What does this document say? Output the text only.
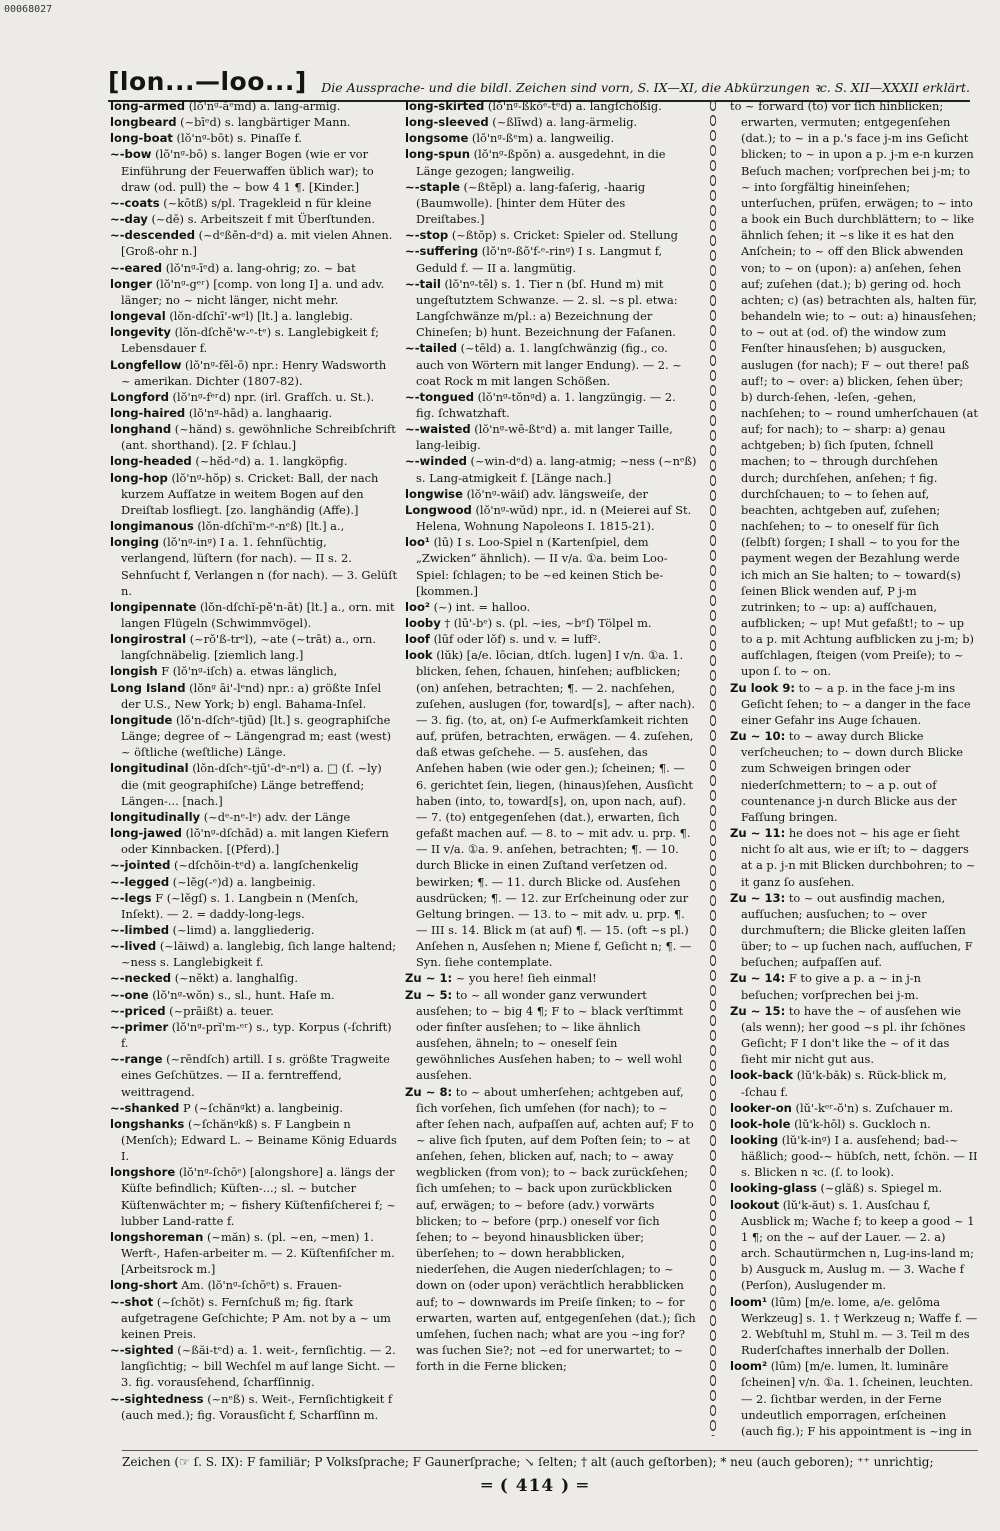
00068027
[lon...—loo...] Die Aussprache- und die bildl. Zeichen sind vorn, S. IX—XI, die Abkürzungen ꝛc. S. XII—XXXII erklärt.

long-armed (lŏ'nᵍ-āᵉmd) a. lang-armig.

longbeard (~bīᵉd) s. langbärtiger Mann.

long-boat (lŏ'nᵍ-bōt) s. Pinaſſe f.

~-bow (lŏ'nᵍ-bō) s. langer Bogen (wie er vor Einführung der Feuerwaffen üblich war); to draw (od. pull) the ~ bow 4 1 ¶. [Kinder.]

~-coats (~kōtß) s/pl. Tragekleid n für kleine

~-day (~dē) s. Arbeitszeit f mit Überſtunden.

~-descended (~dᵉßĕn-dᵉd) a. mit vielen Ahnen. [Groß-ohr n.]

~-eared (lŏ'nᵍ-īᵉd) a. lang-ohrig; zo. ~ bat

longer (lŏ'nᵍ-gᵉʳ) [comp. von long I] a. und adv. länger; no ~ nicht länger, nicht mehr.

longeval (lŏn-dſchī'-wᵉl) [lt.] a. langlebig.

longevity (lŏn-dſchĕ'w-ᵉ-tᵉ) s. Langlebigkeit f; Lebensdauer f.

Longfellow (lŏ'nᵍ-fĕl-ō) npr.: Henry Wadsworth ~ amerikan. Dichter (1807-82).

Longford (lŏ'nᵍ-fᵉʳd) npr. (irl. Grafſch. u. St.).

long-haired (lŏ'nᵍ-hād) a. langhaarig.

longhand (~hănd) s. gewöhnliche Schreibſchrift (ant. shorthand). [2. F ſchlau.]

long-headed (~hĕd-ᵉd) a. 1. langköpfig.

long-hop (lŏ'nᵍ-hŏp) s. Cricket: Ball, der nach kurzem Aufſatze in weitem Bogen auf den Dreiſtab losfliegt. [zo. langhändig (Affe).]

longimanous (lŏn-dſchĭ'm-ᵉ-nᵉß) [lt.] a.,

longing (lŏ'nᵍ-inᵍ) I a. 1. ſehnſüchtig, verlangend, lüſtern (for nach). — II s. 2. Sehnſucht f, Verlangen n (for nach). — 3. Gelüſt n.

longipennate (lŏn-dſchĭ-pĕ'n-āt) [lt.] a., orn. mit langen Flügeln (Schwimmvögel).

longirostral (~rŏ'ß-trᵉl), ~ate (~trāt) a., orn. langſchnäbelig. [ziemlich lang.]

longish F (lŏ'nᵍ-iſch) a. etwas länglich,

Long Island (lŏnᵍ āi'-lᵉnd) npr.: a) größte Inſel der U.S., New York; b) engl. Bahama-Inſel.

longitude (lŏ'n-dſchᵉ-tjūd) [lt.] s. geographiſche Länge; degree of ~ Längengrad m; east (west) ~ öſtliche (weſtliche) Länge.

longitudinal (lŏn-dſchᵉ-tjū'-dᵉ-nᵉl) a. □ (ſ. ~ly) die (mit geographiſche) Länge betreffend; Längen-... [nach.]

longitudinally (~dᵉ-nᵉ-lᵉ) adv. der Länge

long-jawed (lŏ'nᵍ-dſchād) a. mit langen Kiefern oder Kinnbacken. [(Pferd).]

~-jointed (~dſchŏin-tᵉd) a. langſchenkelig

~-legged (~lĕg(-ᵉ)d) a. langbeinig.

~-legs F (~lĕgſ) s. 1. Langbein n (Menſch, Inſekt). — 2. = daddy-long-legs.

~-limbed (~limd) a. langgliederig.

~-lived (~lăiwd) a. langlebig, ſich lange haltend; ~ness s. Langlebigkeit f.

~-necked (~nĕkt) a. langhalſig.

~-one (lŏ'nᵍ-wŏn) s., sl., hunt. Haſe m.

~-priced (~prāißt) a. teuer.

~-primer (lŏ'nᵍ-prĭ'm-ᵉʳ) s., typ. Korpus (-ſchrift) f.

~-range (~rēndſch) artill. I s. größte Tragweite eines Geſchützes. — II a. ferntreffend, weittragend.

~-shanked P (~ſchănᵍkt) a. langbeinig.

longshanks (~ſchănᵍkß) s. F Langbein n (Menſch); Edward L. ~ Beiname König Eduards I.

longshore (lŏ'nᵍ-ſchōᵉ) [alongshore] a. längs der Küſte befindlich; Küſten-...; sl. ~ butcher Küſtenwächter m; ~ fishery Küſtenfiſcherei f; ~ lubber Land-ratte f.

longshoreman (~măn) s. (pl. ~en, ~men) 1. Werft-, Hafen-arbeiter m. — 2. Küſtenfiſcher m. [Arbeitsrock m.]

long-short Am. (lŏ'nᵍ-ſchōᵉt) s. Frauen-

~-shot (~ſchŏt) s. Fernſchuß m; fig. ſtark aufgetragene Geſchichte; P Am. not by a ~ um keinen Preis.

~-sighted (~ßăi-tᵉd) a. 1. weit-, fernſichtig. — 2. langſichtig; ~ bill Wechſel m auf lange Sicht. — 3. fig. vorausſehend, ſcharfſinnig.

~-sightedness (~nᵉß) s. Weit-, Fernſichtigkeit f (auch med.); fig. Vorausſicht f, Scharfſinn m.

long-skirted (lŏ'nᵍ-ßkōᵉ-tᵉd) a. langſchößig.

long-sleeved (~ßlīwd) a. lang-ärmelig.

longsome (lŏ'nᵍ-ßᵉm) a. langweilig.

long-spun (lŏ'nᵍ-ßpŏn) a. ausgedehnt, in die Länge gezogen; langweilig.

~-staple (~ßtēpl) a. lang-faſerig, -haarig (Baumwolle). [hinter dem Hüter des Dreiſtabes.]

~-stop (~ßtŏp) s. Cricket: Spieler od. Stellung

~-suffering (lŏ'nᵍ-ßŏ'f-ᵉ-rinᵍ) I s. Langmut f, Geduld f. — II a. langmütig.

~-tail (lŏ'nᵍ-tēl) s. 1. Tier n (bſ. Hund m) mit ungeſtutztem Schwanze. — 2. sl. ~s pl. etwa: Langſchwänze m/pl.: a) Bezeichnung der Chineſen; b) hunt. Bezeichnung der Faſanen.

~-tailed (~tēld) a. 1. langſchwänzig (fig., co. auch von Wörtern mit langer Endung). — 2. ~ coat Rock m mit langen Schößen.

~-tongued (lŏ'nᵍ-tŏnᵍd) a. 1. langzüngig. — 2. fig. ſchwatzhaft.

~-waisted (lŏ'nᵍ-wē-ßtᵉd) a. mit langer Taille, lang-leibig.

~-winded (~win-dᵉd) a. lang-atmig; ~ness (~nᵉß) s. Lang-atmigkeit f. [Länge nach.]

longwise (lŏ'nᵍ-wăiſ) adv. längsweiſe, der

Longwood (lŏ'nᵍ-wŭd) npr., id. n (Meierei auf St. Helena, Wohnung Napoleons I. 1815-21).

loo¹ (lū) I s. Loo-Spiel n (Kartenſpiel, dem „Zwicken“ ähnlich). — II v/a. ①a. beim Loo-Spiel: ſchlagen; to be ~ed keinen Stich be- [kommen.]

loo² (~) int. = halloo.

looby † (lū'-bᵉ) s. (pl. ~ies, ~bᵉſ) Tölpel m.

loof (lūf oder lŏf) s. und v. = luff².

look (lŭk) [a/e. lōcian, dtſch. lugen] I v/n. ①a. 1. blicken, ſehen, ſchauen, hinſehen; aufblicken; (on) anſehen, betrachten; ¶. — 2. nachſehen, zuſehen, auslugen (for, toward[s], ~ after nach). — 3. fig. (to, at, on) ſ-e Aufmerkſamkeit richten auf, prüfen, betrachten, erwägen. — 4. zuſehen, daß etwas geſchehe. — 5. ausſehen, das Anſehen haben (wie oder gen.); ſcheinen; ¶. — 6. gerichtet ſein, liegen, (hinaus)ſehen, Ausſicht haben (into, to, toward[s], on, upon nach, auf). — 7. (to) entgegenſehen (dat.), erwarten, ſich gefaßt machen auf. — 8. to ~ mit adv. u. prp. ¶. — II v/a. ①a. 9. anſehen, betrachten; ¶. — 10. durch Blicke in einen Zuſtand verſetzen od. bewirken; ¶. — 11. durch Blicke od. Ausſehen ausdrücken; ¶. — 12. zur Erſcheinung oder zur Geltung bringen. — 13. to ~ mit adv. u. prp. ¶. — III s. 14. Blick m (at auf) ¶. — 15. (oft ~s pl.) Anſehen n, Ausſehen n; Miene f, Geſicht n; ¶. — Syn. ſiehe contemplate.

Zu ~ 1: ~ you here! ſieh einmal!

Zu ~ 5: to ~ all wonder ganz verwundert ausſehen; to ~ big 4 ¶; F to ~ black verſtimmt oder finſter ausſehen; to ~ like ähnlich ausſehen, ähneln; to ~ oneself ſein gewöhnliches Ausſehen haben; to ~ well wohl ausſehen.

Zu ~ 8: to ~ about umherſehen; achtgeben auf, ſich vorſehen, ſich umſehen (for nach); to ~ after ſehen nach, aufpaſſen auf, achten auf; F to ~ alive ſich ſputen, auf dem Poſten ſein; to ~ at anſehen, ſehen, blicken auf, nach; to ~ away wegblicken (from von); to ~ back zurückſehen; ſich umſehen; to ~ back upon zurückblicken auf, erwägen; to ~ before (adv.) vorwärts blicken; to ~ before (prp.) oneself vor ſich ſehen; to ~ beyond hinausblicken über; überſehen; to ~ down herabblicken, niederſehen, die Augen niederſchlagen; to ~ down on (oder upon) verächtlich herabblicken auf; to ~ downwards im Preiſe ſinken; to ~ for erwarten, warten auf, entgegenſehen (dat.); ſich umſehen, ſuchen nach; what are you ~ing for? was ſuchen Sie?; not ~ed for unerwartet; to ~ forth in die Ferne blicken;

to ~ forward (to) vor ſich hinblicken; erwarten, vermuten; entgegenſehen (dat.); to ~ in a p.'s face j-m ins Geſicht blicken; to ~ in upon a p. j-m e-n kurzen Beſuch machen; vorſprechen bei j-m; to ~ into ſorgfältig hineinſehen; unterſuchen, prüfen, erwägen; to ~ into a book ein Buch durchblättern; to ~ like ähnlich ſehen; it ~s like it es hat den Anſchein; to ~ off den Blick abwenden von; to ~ on (upon): a) anſehen, ſehen auf; zuſehen (dat.); b) gering od. hoch achten; c) (as) betrachten als, halten für, behandeln wie; to ~ out: a) hinausſehen; to ~ out at (od. of) the window zum Fenſter hinausſehen; b) ausgucken, auslugen (for nach); F ~ out there! paß auf!; to ~ over: a) blicken, ſehen über; b) durch-ſehen, -leſen, -gehen, nachſehen; to ~ round umherſchauen (at auf; for nach); to ~ sharp: a) genau achtgeben; b) ſich ſputen, ſchnell machen; to ~ through durchſehen durch; durchſehen, anſehen; † fig. durchſchauen; to ~ to ſehen auf, beachten, achtgeben auf, zuſehen; nachſehen; to ~ to oneself für ſich (ſelbſt) ſorgen; I shall ~ to you for the payment wegen der Bezahlung werde ich mich an Sie halten; to ~ toward(s) ſeinen Blick wenden auf, P j-m zutrinken; to ~ up: a) aufſchauen, aufblicken; ~ up! Mut gefaßt!; to ~ up to a p. mit Achtung aufblicken zu j-m; b) aufſchlagen, ſteigen (vom Preiſe); to ~ upon ſ. to ~ on.

Zu look 9: to ~ a p. in the face j-m ins Geſicht ſehen; to ~ a danger in the face einer Gefahr ins Auge ſchauen.

Zu ~ 10: to ~ away durch Blicke verſcheuchen; to ~ down durch Blicke zum Schweigen bringen oder niederſchmettern; to ~ a p. out of countenance j-n durch Blicke aus der Faſſung bringen.

Zu ~ 11: he does not ~ his age er ſieht nicht ſo alt aus, wie er iſt; to ~ daggers at a p. j-n mit Blicken durchbohren; to ~ it ganz ſo ausſehen.

Zu ~ 13: to ~ out ausfindig machen, aufſuchen; ausſuchen; to ~ over durchmuſtern; die Blicke gleiten laſſen über; to ~ up ſuchen nach, aufſuchen, F beſuchen; aufpaſſen auf.

Zu ~ 14: F to give a p. a ~ in j-n beſuchen; vorſprechen bei j-m.

Zu ~ 15: to have the ~ of ausſehen wie (als wenn); her good ~s pl. ihr ſchönes Geſicht; F I don't like the ~ of it das ſieht mir nicht gut aus.

look-back (lŭ'k-băk) s. Rück-blick m, -ſchau f.

looker-on (lŭ'-kᵉʳ-ŏ'n) s. Zuſchauer m.

look-hole (lŭ'k-hōl) s. Guckloch n.

looking (lŭ'k-inᵍ) I a. ausſehend; bad-~ häßlich; good-~ hübſch, nett, ſchön. — II s. Blicken n ꝛc. (ſ. to look).

looking-glass (~glăß) s. Spiegel m.

lookout (lŭ'k-ăut) s. 1. Ausſchau f, Ausblick m; Wache f; to keep a good ~ 1 1 ¶; on the ~ auf der Lauer. — 2. a) arch. Schautürmchen n, Lug-ins-land m; b) Ausguck m, Auslug m. — 3. Wache f (Perſon), Auslugender m.

loom¹ (lūm) [m/e. lome, a/e. gelōma Werkzeug] s. 1. † Werkzeug n; Waffe f. — 2. Webſtuhl m, Stuhl m. — 3. Teil m des Ruderſchaftes innerhalb der Dollen.

loom² (lūm) [m/e. lumen, lt. lumināre ſcheinen] v/n. ①a. 1. ſcheinen, leuchten. — 2. ſichtbar werden, in der Ferne undeutlich emporragen, erſcheinen (auch fig.); F his appointment is ~ing in

Zeichen (☞ ſ. S. IX): F familiär; P Volksſprache; F Gaunerſprache; ↘ ſelten; † alt (auch geſtorben); * neu (auch geboren); ⁺⁺ unrichtig;
═ ( 414 ) ═
